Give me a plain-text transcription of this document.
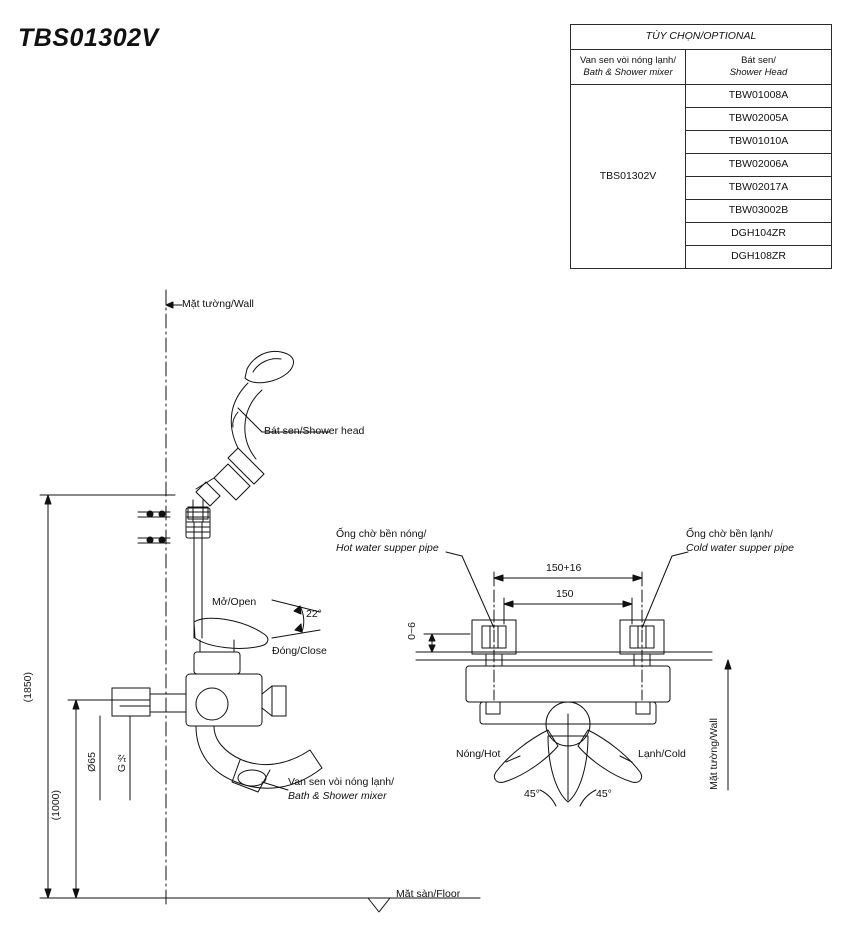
TBS01302V	TÙY CHỌN/OPTIONAL	
Van sen vòi nóng lạnh/
Bath & Shower mixer	Bát sen/
Shower Head

TBS01302V	TBW01008A
	TBW02005A
	TBW01010A
	TBW02006A
	TBW02017A
	TBW03002B
	DGH104ZR
	DGH108ZR
Mặt tường/Wall
Bát sen/Shower head
Mở/Open
22°
Đóng/Close
Van sen vòi nóng lạnh/
Bath & Shower mixer
Mặt sàn/Floor
(1850)
(1000)
Ø65 G½
Ống chờ bền nóng/
Hot water supper pipe
Ống chờ bền lạnh/
Cold water supper pipe
150+16
150
0~6
Nóng/Hot	Lạnh/Cold
45°	45°
Mặt tường/Wall
